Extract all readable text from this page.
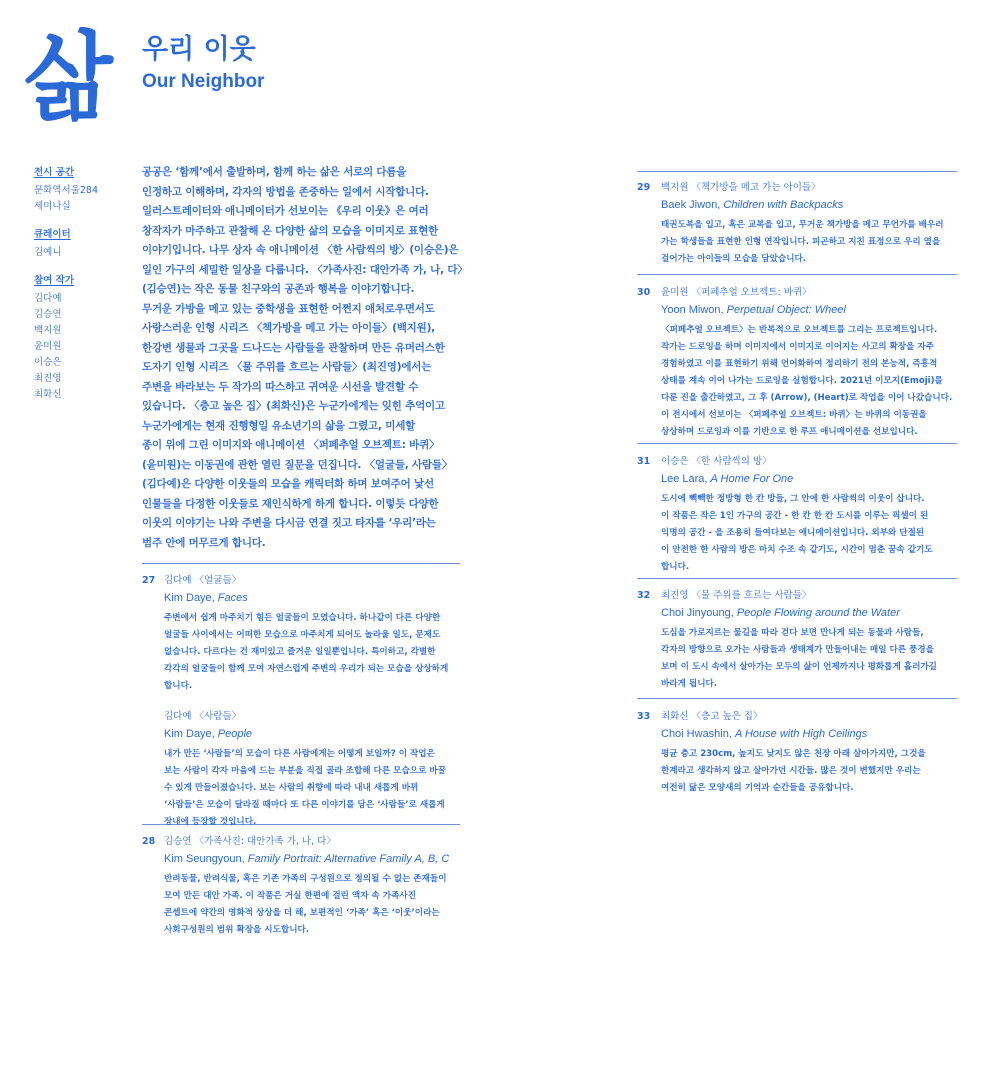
삶 우리 이웃
Our Neighbor
전시 공간
문화역서울284
세미나실
큐레이터
김예니
참여 작가
김다예
김승연
백지원
윤미원
이승은
최진영
최화신
공공은 ‘함께’에서 출발하며, 함께 하는 삶은 서로의 다름을
인정하고 이해하며, 각자의 방법을 존중하는 일에서 시작합니다.
일러스트레이터와 애니메이터가 선보이는 《우리 이웃》은 여러
창작자가 마주하고 관찰해 온 다양한 삶의 모습을 이미지로 표현한
이야기입니다. 나무 상자 속 애니메이션 〈한 사람씩의 방〉(이승은)은
일인 가구의 세밀한 일상을 다룹니다. 〈가족사진: 대안가족 가, 나, 다〉
(김승연)는 작은 동물 친구와의 공존과 행복을 이야기합니다.
무거운 가방을 메고 있는 중학생을 표현한 어쩐지 애처로우면서도
사랑스러운 인형 시리즈 〈책가방을 메고 가는 아이들〉(백지원),
한강변 생물과 그곳을 드나드는 사람들을 관찰하며 만든 유머러스한
도자기 인형 시리즈 〈물 주위를 흐르는 사람들〉(최진영)에서는
주변을 바라보는 두 작가의 따스하고 귀여운 시선을 발견할 수
있습니다. 〈층고 높은 집〉(최화신)은 누군가에게는 잊힌 추억이고
누군가에게는 현재 진행형일 유소년기의 삶을 그렸고, 미세할
종이 위에 그린 이미지와 애니메이션 〈퍼페추얼 오브젝트: 바퀴〉
(윤미원)는 이동권에 관한 열린 질문을 던집니다. 〈얼굴들, 사람들〉
(김다예)은 다양한 이웃들의 모습을 캐릭터화 하며 보여주어 낯선
인물들을 다정한 이웃들로 재인식하게 하게 합니다. 이렇듯 다양한
이웃의 이야기는 나와 주변을 다시금 연결 짓고 타자를 ‘우리’라는
범주 안에 머무르게 합니다.
27 김다예 〈얼굴들〉
Kim Daye, Faces
주변에서 쉽게 마주치기 힘든 얼굴들이 모였습니다. 하나같이 다른 다양한
얼굴들 사이에서는 어떠한 모습으로 마주치게 되어도 놀라울 일도, 문제도
없습니다. 다르다는 건 재미있고 즐거운 일일뿐입니다. 특이하고, 각별한
각각의 얼굴들이 함께 모여 자연스럽게 주변의 우리가 되는 모습을 상상하게
합니다.
김다예 〈사람들〉
Kim Daye, People
내가 만든 ‘사람들’의 모습이 다른 사람에게는 어떻게 보일까? 이 작업은
보는 사람이 각자 마음에 드는 부분을 직접 골라 조합해 다른 모습으로 바꿀
수 있게 만들어졌습니다. 보는 사람의 취향에 따라 내내 새롭게 바뀌
‘사람들’은 모습이 달라질 때마다 또 다른 이야기를 담은 ‘사람들’로 새롭게
장내에 등장할 것입니다.
28 김승연 〈가족사진: 대안가족 가, 나, 다〉
Kim Seungyoun, Family Portrait: Alternative Family A, B, C
반려동물, 반려식물, 혹은 기존 가족의 구성원으로 정의될 수 없는 존재들이
모여 만든 대안 가족. 이 작품은 거실 한편에 걸린 액자 속 가족사진
콘셉트에 약간의 영화적 상상을 더 해, 보편적인 ‘가족’ 혹은 ‘이웃’이라는
사회구성원의 범위 확장을 시도합니다.
29 백지원 〈책가방을 메고 가는 아이들〉
Baek Jiwon, Children with Backpacks
태권도복을 입고, 혹은 교복을 입고, 무거운 책가방을 메고 무언가를 배우러
가는 학생들을 표현한 인형 연작입니다. 피곤하고 지친 표정으로 우리 옆을
걸어가는 아이들의 모습을 담았습니다.
30 윤미원 〈퍼페추얼 오브젝트: 바퀴〉
Yoon Miwon, Perpetual Object: Wheel
〈퍼페추얼 오브젝트〉는 반복적으로 오브젝트를 그리는 프로젝트입니다.
작가는 드로잉을 하며 이미지에서 이미지로 이어지는 사고의 확장을 자주
경험하였고 이를 표현하기 위해 언어화하여 정리하기 전의 본능적, 즉흥적
상태를 계속 이어 나가는 드로잉을 실험합니다. 2021년 이모지(Emoji)를
다룬 진을 출간하였고, 그 후 (Arrow), (Heart)로 작업을 이어 나갔습니다.
이 전시에서 선보이는 〈퍼페추얼 오브젝트: 바퀴〉는 바퀴의 이동권을
상상하며 드로잉과 이를 기반으로 한 루프 애니메이션을 선보입니다.
31 이승은 〈한 사람씩의 방〉
Lee Lara, A Home For One
도시에 빽빽한 정방형 한 칸 방들, 그 안에 한 사람씩의 이웃이 삽니다.
이 작품은 작은 1인 가구의 공간 - 한 칸 한 칸 도시를 이루는 픽셀이 된
익명의 공간 - 을 조용히 들여다보는 애니메이션입니다. 외부와 단절된
이 안전한 한 사람의 방은 마치 수조 속 같기도, 시간이 멈춘 꿈속 같기도
합니다.
32 최진영 〈물 주위를 흐르는 사람들〉
Choi Jinyoung, People Flowing around the Water
도심을 가로지르는 물길을 따라 걷다 보면 만나게 되는 동물과 사람들,
각자의 방향으로 오가는 사람들과 생태계가 만들어내는 매일 다른 풍경을
보며 이 도시 속에서 살아가는 모두의 삶이 언제까지나 평화롭게 흘러가길
바라게 됩니다.
33 최화신 〈층고 높은 집〉
Choi Hwashin, A House with High Ceilings
평균 층고 230cm, 높지도 낮지도 않은 천장 아래 살아가지만, 그것을
한계라고 생각하지 않고 살아가던 시간들. 많은 것이 변했지만 우리는
여전히 닮은 모양새의 기억과 순간들을 공유합니다.
